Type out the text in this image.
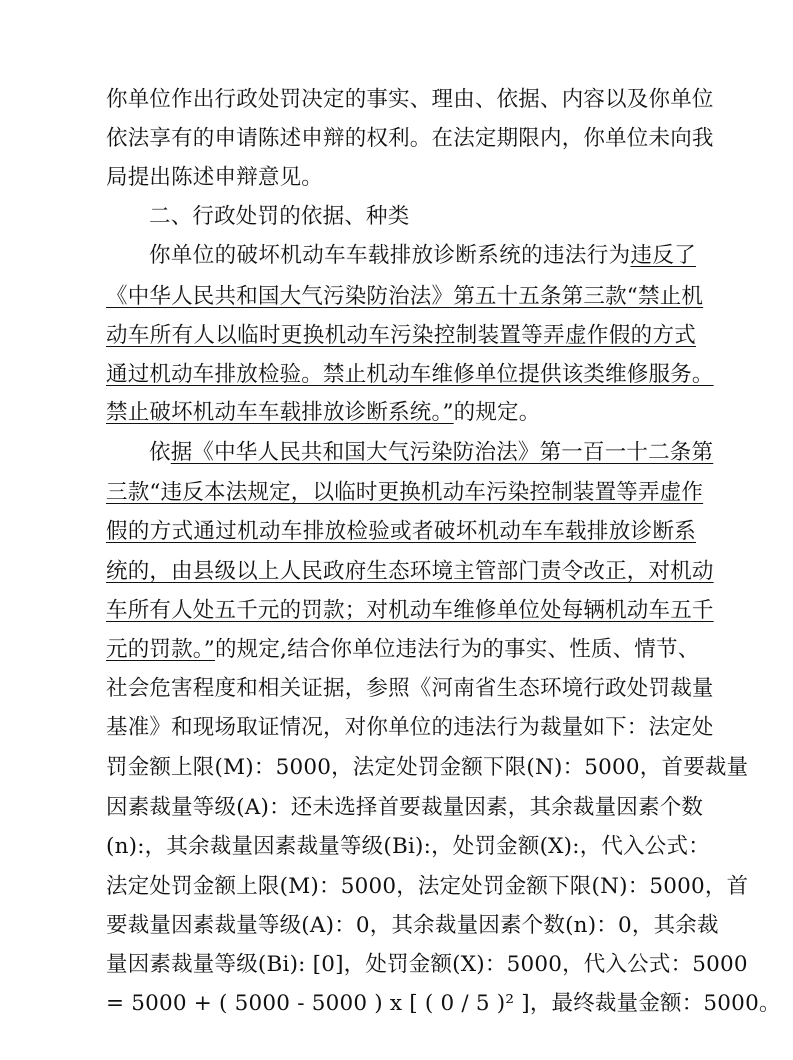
你单位作出行政处罚决定的事实、理由、依据、内容以及你单位
依法享有的申请陈述申辩的权利。在法定期限内，你单位未向我
局提出陈述申辩意见。
二、行政处罚的依据、种类
你单位的破坏机动车车载排放诊断系统的违法行为违反了
《中华人民共和国大气污染防治法》第五十五条第三款“禁止机
动车所有人以临时更换机动车污染控制装置等弄虚作假的方式
通过机动车排放检验。禁止机动车维修单位提供该类维修服务。
禁止破坏机动车车载排放诊断系统。”的规定。
依据《中华人民共和国大气污染防治法》第一百一十二条第
三款“违反本法规定，以临时更换机动车污染控制装置等弄虚作
假的方式通过机动车排放检验或者破坏机动车车载排放诊断系
统的，由县级以上人民政府生态环境主管部门责令改正，对机动
车所有人处五千元的罚款；对机动车维修单位处每辆机动车五千
元的罚款。”的规定,结合你单位违法行为的事实、性质、情节、
社会危害程度和相关证据，参照《河南省生态环境行政处罚裁量
基准》和现场取证情况，对你单位的违法行为裁量如下：法定处
罚金额上限(M)：5000，法定处罚金额下限(N)：5000，首要裁量
因素裁量等级(A)：还未选择首要裁量因素，其余裁量因素个数
(n):，其余裁量因素裁量等级(Bi):，处罚金额(X):，代入公式：
法定处罚金额上限(M)：5000，法定处罚金额下限(N)：5000，首
要裁量因素裁量等级(A)：0，其余裁量因素个数(n)：0，其余裁
量因素裁量等级(Bi): [0]，处罚金额(X)：5000，代入公式：5000
= 5000 + ( 5000 - 5000 ) x [ ( 0 / 5 )² ]，最终裁量金额：5000。
